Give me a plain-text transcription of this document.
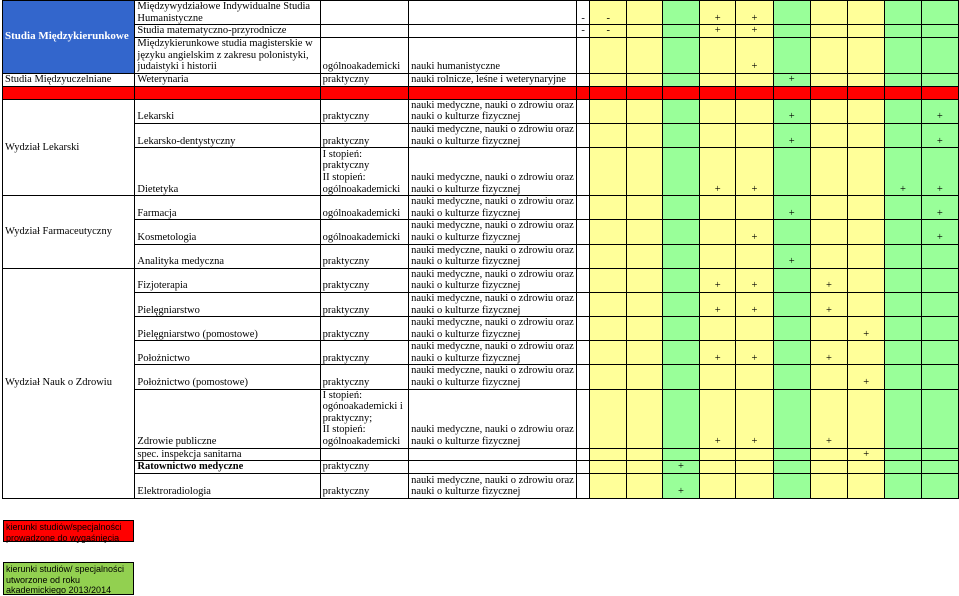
Studia Międzykierunkowe	Międzywydziałowe Indywidualne Studia
Humanistyczne			-	-			+	+					
	Studia matematyczno-przyrodnicze			-	-			+	+					
	Międzykierunkowe studia magisterskie w
języku angielskim z zakresu polonistyki,
judaistyki i historii	ogólnoakademicki	nauki humanistyczne						+					
Studia Międzyuczelniane	Weterynaria	praktyczny	nauki rolnicze, leśne i weterynaryjne							+				
Collegium Medicum														
Wydział Lekarski	Lekarski	praktyczny	nauki medyczne, nauki o zdrowiu oraz
nauki o kulturze fizycznej							+				+
	Lekarsko-dentystyczny	praktyczny	nauki medyczne, nauki o zdrowiu oraz
nauki o kulturze fizycznej							+				+
	Dietetyka	I stopień:
praktyczny
II stopień:
ogólnoakademicki	nauki medyczne, nauki o zdrowiu oraz
nauki o kulturze fizycznej					+	+				+	+
Wydział Farmaceutyczny	Farmacja	ogólnoakademicki	nauki medyczne, nauki o zdrowiu oraz
nauki o kulturze fizycznej							+				+
	Kosmetologia	ogólnoakademicki	nauki medyczne, nauki o zdrowiu oraz
nauki o kulturze fizycznej						+					+
	Analityka medyczna	praktyczny	nauki medyczne, nauki o zdrowiu oraz
nauki o kulturze fizycznej							+				
Wydział Nauk o Zdrowiu	Fizjoterapia	praktyczny	nauki medyczne, nauki o zdrowiu oraz
nauki o kulturze fizycznej					+	+		+			
	Pielęgniarstwo	praktyczny	nauki medyczne, nauki o zdrowiu oraz
nauki o kulturze fizycznej					+	+		+			
	Pielęgniarstwo (pomostowe)	praktyczny	nauki medyczne, nauki o zdrowiu oraz
nauki o kulturze fizycznej									+		
	Położnictwo	praktyczny	nauki medyczne, nauki o zdrowiu oraz
nauki o kulturze fizycznej					+	+		+			
	Położnictwo (pomostowe)	praktyczny	nauki medyczne, nauki o zdrowiu oraz
nauki o kulturze fizycznej									+		
	Zdrowie publiczne	I stopień:
ogónoakademicki i
praktyczny;
II stopień:
ogólnoakademicki	nauki medyczne, nauki o zdrowiu oraz
nauki o kulturze fizycznej					+	+		+			
	spec. inspekcja sanitarna											+		
	Ratownictwo medyczne	praktyczny					+							
	Elektroradiologia	praktyczny	nauki medyczne, nauki o zdrowiu oraz
nauki o kulturze fizycznej				+							
kierunki studiów/specjalności prowadzone do wygaśnięcia
kierunki studiów/ specjalności utworzone od roku akademickiego 2013/2014
